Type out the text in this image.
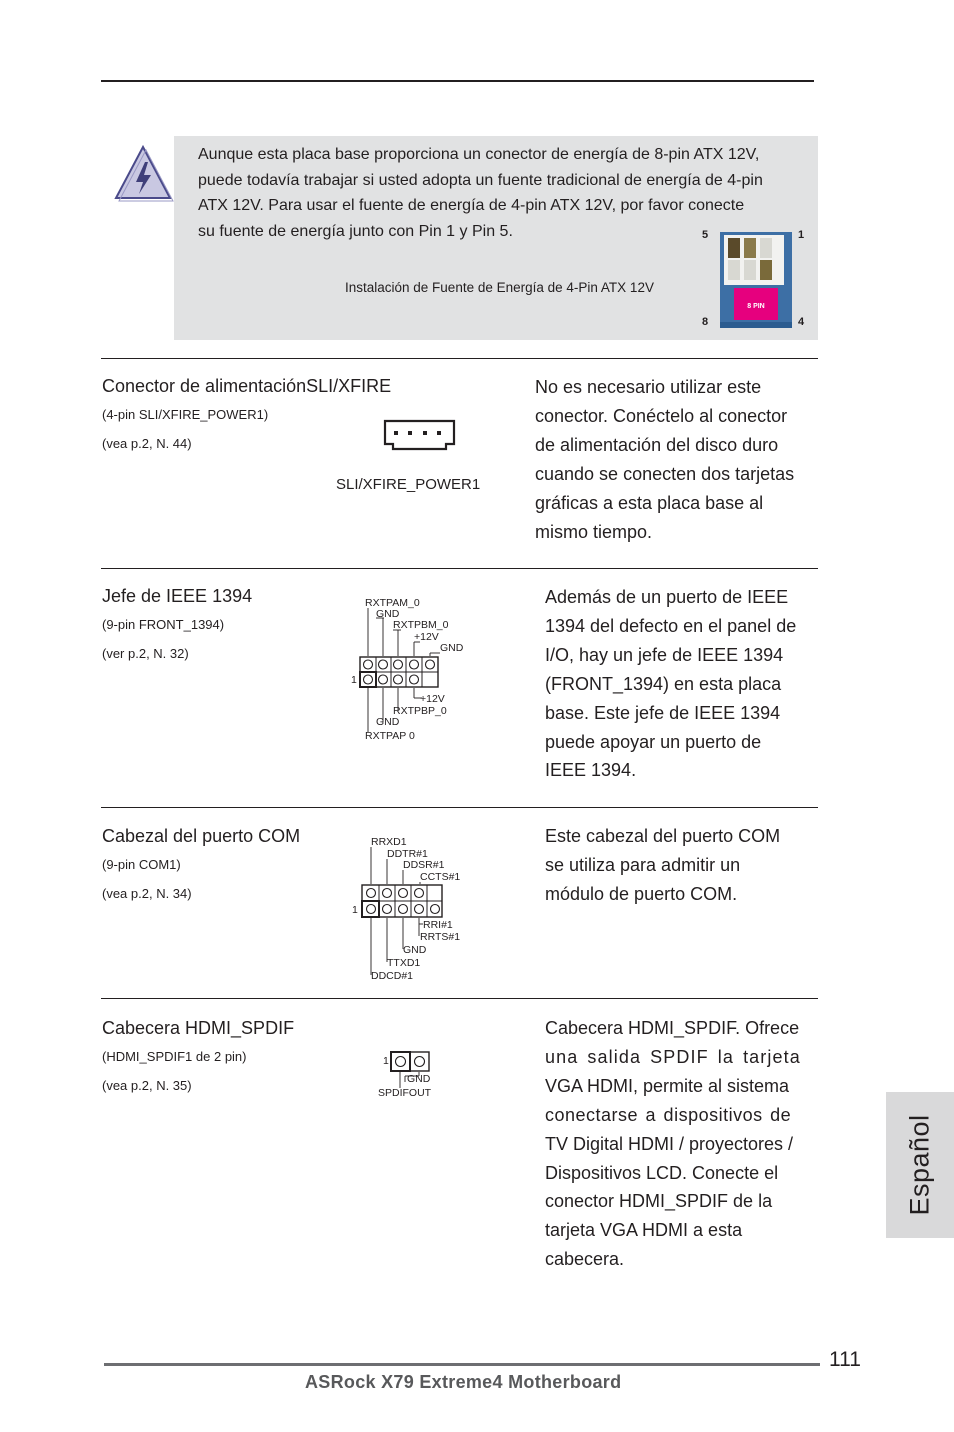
Aunque esta placa base proporciona un conector de energía de 8-pin ATX 12V,
puede todavía trabajar si usted adopta un fuente tradicional de energía de 4-pin
ATX 12V. Para usar el fuente de energía de 4-pin ATX 12V, por favor conecte
su fuente de energía junto con Pin 1 y Pin 5.
Instalación de Fuente de Energía de 4-Pin ATX 12V
5	1
8	4
8 PIN
Conector de alimentaciónSLI/XFIRE
(4-pin SLI/XFIRE_POWER1)
(vea p.2, N. 44)
SLI/XFIRE_POWER1
No es necesario utilizar este
conector. Conéctelo al conector
de alimentación del disco duro
cuando se conecten dos tarjetas
gráficas a esta placa base al
mismo tiempo.
Jefe de IEEE 1394
(9-pin FRONT_1394)
(ver p.2, N. 32)
RXTPAM_0
GND
RXTPBM_0
+12V
GND
1
+12V
RXTPBP_0
GND
RXTPAP 0
Además de un puerto de IEEE
1394 del defecto en el panel de
I/O, hay un jefe de IEEE 1394
(FRONT_1394) en esta placa
base. Este jefe de IEEE 1394
puede apoyar un puerto de
IEEE 1394.
Cabezal del puerto COM
(9-pin COM1)
(vea p.2, N. 34)
RRXD1
DDTR#1
DDSR#1
CCTS#1
1
RRI#1
RRTS#1
GND
TTXD1
DDCD#1
Este cabezal del puerto COM
se utiliza para admitir un
módulo de puerto COM.
Cabecera HDMI_SPDIF
(HDMI_SPDIF1 de 2 pin)
(vea p.2, N. 35)
1
GND
SPDIFOUT
Cabecera HDMI_SPDIF. Ofrece
una salida SPDIF la tarjeta
VGA HDMI, permite al sistema
conectarse a dispositivos de
TV Digital HDMI / proyectores /
Dispositivos LCD. Conecte el
conector HDMI_SPDIF de la
tarjeta VGA HDMI a esta
cabecera.
Español
111
ASRock X79 Extreme4 Motherboard
